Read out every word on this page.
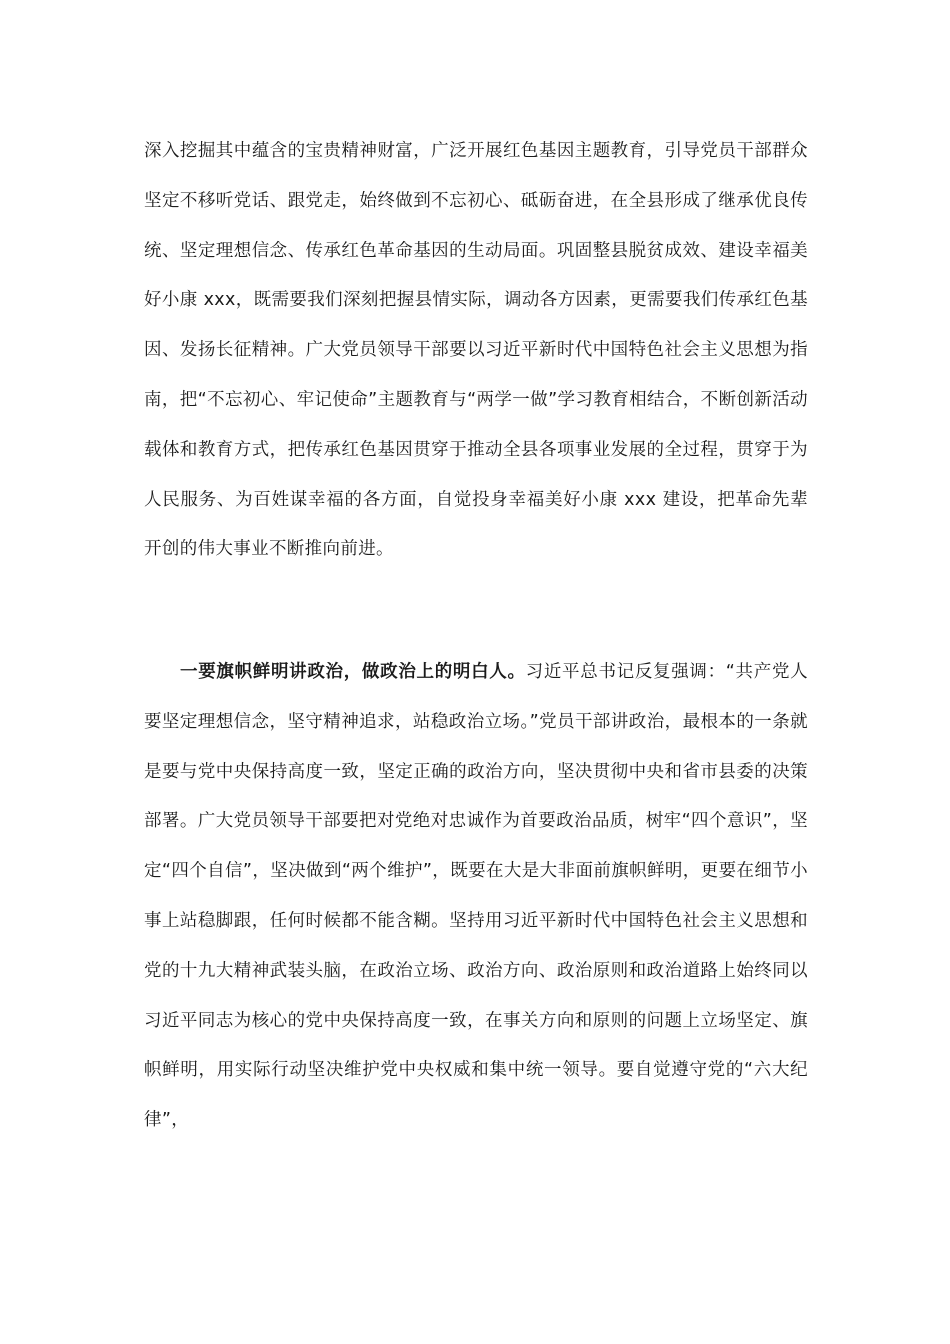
深入挖掘其中蕴含的宝贵精神财富，广泛开展红色基因主题教育，引导党员干部群众坚定不移听党话、跟党走，始终做到不忘初心、砥砺奋进，在全县形成了继承优良传统、坚定理想信念、传承红色革命基因的生动局面。巩固整县脱贫成效、建设幸福美好小康 xxx，既需要我们深刻把握县情实际，调动各方因素，更需要我们传承红色基因、发扬长征精神。广大党员领导干部要以习近平新时代中国特色社会主义思想为指南，把“不忘初心、牢记使命”主题教育与“两学一做”学习教育相结合，不断创新活动载体和教育方式，把传承红色基因贯穿于推动全县各项事业发展的全过程，贯穿于为人民服务、为百姓谋幸福的各方面，自觉投身幸福美好小康 xxx 建设，把革命先辈开创的伟大事业不断推向前进。

一要旗帜鲜明讲政治，做政治上的明白人。习近平总书记反复强调：“共产党人要坚定理想信念，坚守精神追求，站稳政治立场。”党员干部讲政治，最根本的一条就是要与党中央保持高度一致，坚定正确的政治方向，坚决贯彻中央和省市县委的决策部署。广大党员领导干部要把对党绝对忠诚作为首要政治品质，树牢“四个意识”，坚定“四个自信”，坚决做到“两个维护”，既要在大是大非面前旗帜鲜明，更要在细节小事上站稳脚跟，任何时候都不能含糊。坚持用习近平新时代中国特色社会主义思想和党的十九大精神武装头脑，在政治立场、政治方向、政治原则和政治道路上始终同以习近平同志为核心的党中央保持高度一致，在事关方向和原则的问题上立场坚定、旗帜鲜明，用实际行动坚决维护党中央权威和集中统一领导。要自觉遵守党的“六大纪律”，
